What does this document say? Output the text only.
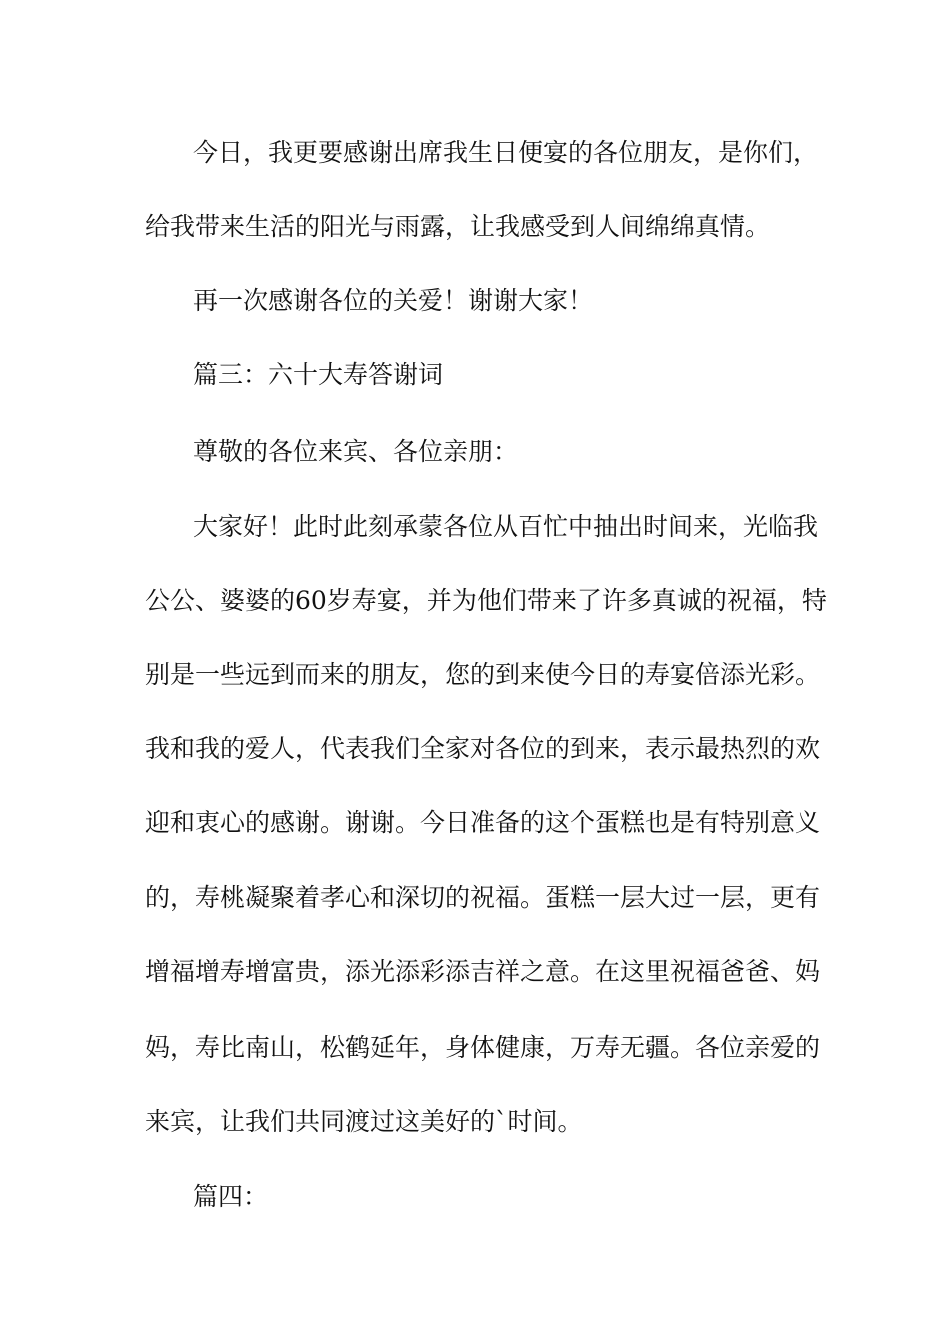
今日，我更要感谢出席我生日便宴的各位朋友，是你们，
给我带来生活的阳光与雨露，让我感受到人间绵绵真情。
再一次感谢各位的关爱！谢谢大家！
篇三：六十大寿答谢词
尊敬的各位来宾、各位亲朋：
大家好！此时此刻承蒙各位从百忙中抽出时间来，光临我
公公、婆婆的60岁寿宴，并为他们带来了许多真诚的祝福，特
别是一些远到而来的朋友，您的到来使今日的寿宴倍添光彩。
我和我的爱人，代表我们全家对各位的到来，表示最热烈的欢
迎和衷心的感谢。谢谢。今日准备的这个蛋糕也是有特别意义
的，寿桃凝聚着孝心和深切的祝福。蛋糕一层大过一层，更有
增福增寿增富贵，添光添彩添吉祥之意。在这里祝福爸爸、妈
妈，寿比南山，松鹤延年，身体健康，万寿无疆。各位亲爱的
来宾，让我们共同渡过这美好的`时间。
篇四：
